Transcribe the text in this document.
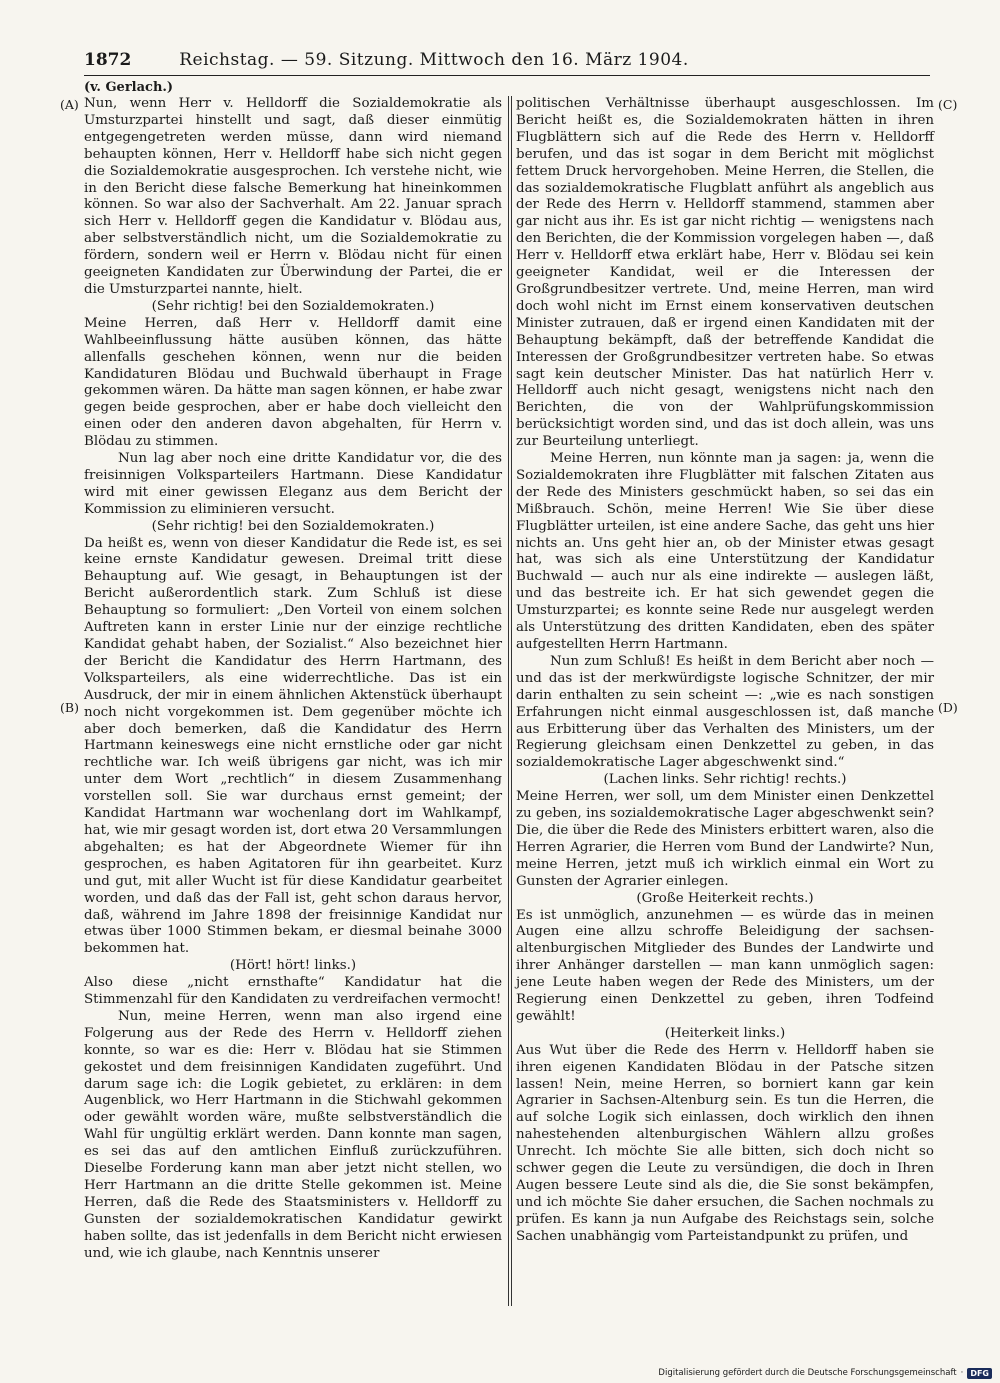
1872	Reichstag. — 59. Sitzung. Mittwoch den 16. März 1904.
(v. Gerlach.)
(A)
(B)
(C)
(D)

Nun, wenn Herr v. Helldorff die Sozialdemokratie als Umsturzpartei hinstellt und sagt, daß dieser einmütig entgegengetreten werden müsse, dann wird niemand behaupten können, Herr v. Helldorff habe sich nicht gegen die Sozialdemokratie ausgesprochen. Ich verstehe nicht, wie in den Bericht diese falsche Bemerkung hat hineinkommen können. So war also der Sachverhalt. Am 22. Januar sprach sich Herr v. Helldorff gegen die Kandidatur v. Blödau aus, aber selbstverständlich nicht, um die Sozialdemokratie zu fördern, sondern weil er Herrn v. Blödau nicht für einen geeigneten Kandidaten zur Überwindung der Partei, die er die Umsturzpartei nannte, hielt.

(Sehr richtig! bei den Sozialdemokraten.)

Meine Herren, daß Herr v. Helldorff damit eine Wahlbeeinflussung hätte ausüben können, das hätte allenfalls geschehen können, wenn nur die beiden Kandidaturen Blödau und Buchwald überhaupt in Frage gekommen wären. Da hätte man sagen können, er habe zwar gegen beide gesprochen, aber er habe doch vielleicht den einen oder den anderen davon abgehalten, für Herrn v. Blödau zu stimmen.

Nun lag aber noch eine dritte Kandidatur vor, die des freisinnigen Volksparteilers Hartmann. Diese Kandidatur wird mit einer gewissen Eleganz aus dem Bericht der Kommission zu eliminieren versucht.

(Sehr richtig! bei den Sozialdemokraten.)

Da heißt es, wenn von dieser Kandidatur die Rede ist, es sei keine ernste Kandidatur gewesen. Dreimal tritt diese Behauptung auf. Wie gesagt, in Behauptungen ist der Bericht außerordentlich stark. Zum Schluß ist diese Behauptung so formuliert: „Den Vorteil von einem solchen Auftreten kann in erster Linie nur der einzige rechtliche Kandidat gehabt haben, der Sozialist.“ Also bezeichnet hier der Bericht die Kandidatur des Herrn Hartmann, des Volksparteilers, als eine widerrechtliche. Das ist ein Ausdruck, der mir in einem ähnlichen Aktenstück überhaupt noch nicht vorgekommen ist. Dem gegenüber möchte ich aber doch bemerken, daß die Kandidatur des Herrn Hartmann keineswegs eine nicht ernstliche oder gar nicht rechtliche war. Ich weiß übrigens gar nicht, was ich mir unter dem Wort „rechtlich“ in diesem Zusammenhang vorstellen soll. Sie war durchaus ernst gemeint; der Kandidat Hartmann war wochenlang dort im Wahlkampf, hat, wie mir gesagt worden ist, dort etwa 20 Versammlungen abgehalten; es hat der Abgeordnete Wiemer für ihn gesprochen, es haben Agitatoren für ihn gearbeitet. Kurz und gut, mit aller Wucht ist für diese Kandidatur gearbeitet worden, und daß das der Fall ist, geht schon daraus hervor, daß, während im Jahre 1898 der freisinnige Kandidat nur etwas über 1000 Stimmen bekam, er diesmal beinahe 3000 bekommen hat.

(Hört! hört! links.)

Also diese „nicht ernsthafte“ Kandidatur hat die Stimmenzahl für den Kandidaten zu verdreifachen vermocht!

Nun, meine Herren, wenn man also irgend eine Folgerung aus der Rede des Herrn v. Helldorff ziehen konnte, so war es die: Herr v. Blödau hat sie Stimmen gekostet und dem freisinnigen Kandidaten zugeführt. Und darum sage ich: die Logik gebietet, zu erklären: in dem Augenblick, wo Herr Hartmann in die Stichwahl gekommen oder gewählt worden wäre, mußte selbstverständlich die Wahl für ungültig erklärt werden. Dann konnte man sagen, es sei das auf den amtlichen Einfluß zurückzuführen. Dieselbe Forderung kann man aber jetzt nicht stellen, wo Herr Hartmann an die dritte Stelle gekommen ist. Meine Herren, daß die Rede des Staatsministers v. Helldorff zu Gunsten der sozialdemokratischen Kandidatur gewirkt haben sollte, das ist jedenfalls in dem Bericht nicht erwiesen und, wie ich glaube, nach Kenntnis unserer

politischen Verhältnisse überhaupt ausgeschlossen. Im Bericht heißt es, die Sozialdemokraten hätten in ihren Flugblättern sich auf die Rede des Herrn v. Helldorff berufen, und das ist sogar in dem Bericht mit möglichst fettem Druck hervorgehoben. Meine Herren, die Stellen, die das sozialdemokratische Flugblatt anführt als angeblich aus der Rede des Herrn v. Helldorff stammend, stammen aber gar nicht aus ihr. Es ist gar nicht richtig — wenigstens nach den Berichten, die der Kommission vorgelegen haben —, daß Herr v. Helldorff etwa erklärt habe, Herr v. Blödau sei kein geeigneter Kandidat, weil er die Interessen der Großgrundbesitzer vertrete. Und, meine Herren, man wird doch wohl nicht im Ernst einem konservativen deutschen Minister zutrauen, daß er irgend einen Kandidaten mit der Behauptung bekämpft, daß der betreffende Kandidat die Interessen der Großgrundbesitzer vertreten habe. So etwas sagt kein deutscher Minister. Das hat natürlich Herr v. Helldorff auch nicht gesagt, wenigstens nicht nach den Berichten, die von der Wahlprüfungskommission berücksichtigt worden sind, und das ist doch allein, was uns zur Beurteilung unterliegt.

Meine Herren, nun könnte man ja sagen: ja, wenn die Sozialdemokraten ihre Flugblätter mit falschen Zitaten aus der Rede des Ministers geschmückt haben, so sei das ein Mißbrauch. Schön, meine Herren! Wie Sie über diese Flugblätter urteilen, ist eine andere Sache, das geht uns hier nichts an. Uns geht hier an, ob der Minister etwas gesagt hat, was sich als eine Unterstützung der Kandidatur Buchwald — auch nur als eine indirekte — auslegen läßt, und das bestreite ich. Er hat sich gewendet gegen die Umsturzpartei; es konnte seine Rede nur ausgelegt werden als Unterstützung des dritten Kandidaten, eben des später aufgestellten Herrn Hartmann.

Nun zum Schluß! Es heißt in dem Bericht aber noch — und das ist der merkwürdigste logische Schnitzer, der mir darin enthalten zu sein scheint —: „wie es nach sonstigen Erfahrungen nicht einmal ausgeschlossen ist, daß manche aus Erbitterung über das Verhalten des Ministers, um der Regierung gleichsam einen Denkzettel zu geben, in das sozialdemokratische Lager abgeschwenkt sind.“

(Lachen links. Sehr richtig! rechts.)

Meine Herren, wer soll, um dem Minister einen Denkzettel zu geben, ins sozialdemokratische Lager abgeschwenkt sein? Die, die über die Rede des Ministers erbittert waren, also die Herren Agrarier, die Herren vom Bund der Landwirte? Nun, meine Herren, jetzt muß ich wirklich einmal ein Wort zu Gunsten der Agrarier einlegen.

(Große Heiterkeit rechts.)

Es ist unmöglich, anzunehmen — es würde das in meinen Augen eine allzu schroffe Beleidigung der sachsen-altenburgischen Mitglieder des Bundes der Landwirte und ihrer Anhänger darstellen — man kann unmöglich sagen: jene Leute haben wegen der Rede des Ministers, um der Regierung einen Denkzettel zu geben, ihren Todfeind gewählt!

(Heiterkeit links.)

Aus Wut über die Rede des Herrn v. Helldorff haben sie ihren eigenen Kandidaten Blödau in der Patsche sitzen lassen! Nein, meine Herren, so borniert kann gar kein Agrarier in Sachsen-Altenburg sein. Es tun die Herren, die auf solche Logik sich einlassen, doch wirklich den ihnen nahestehenden altenburgischen Wählern allzu großes Unrecht. Ich möchte Sie alle bitten, sich doch nicht so schwer gegen die Leute zu versündigen, die doch in Ihren Augen bessere Leute sind als die, die Sie sonst bekämpfen, und ich möchte Sie daher ersuchen, die Sachen nochmals zu prüfen. Es kann ja nun Aufgabe des Reichstags sein, solche Sachen unabhängig vom Parteistandpunkt zu prüfen, und

Digitalisierung gefördert durch die Deutsche Forschungsgemeinschaft · DFG
